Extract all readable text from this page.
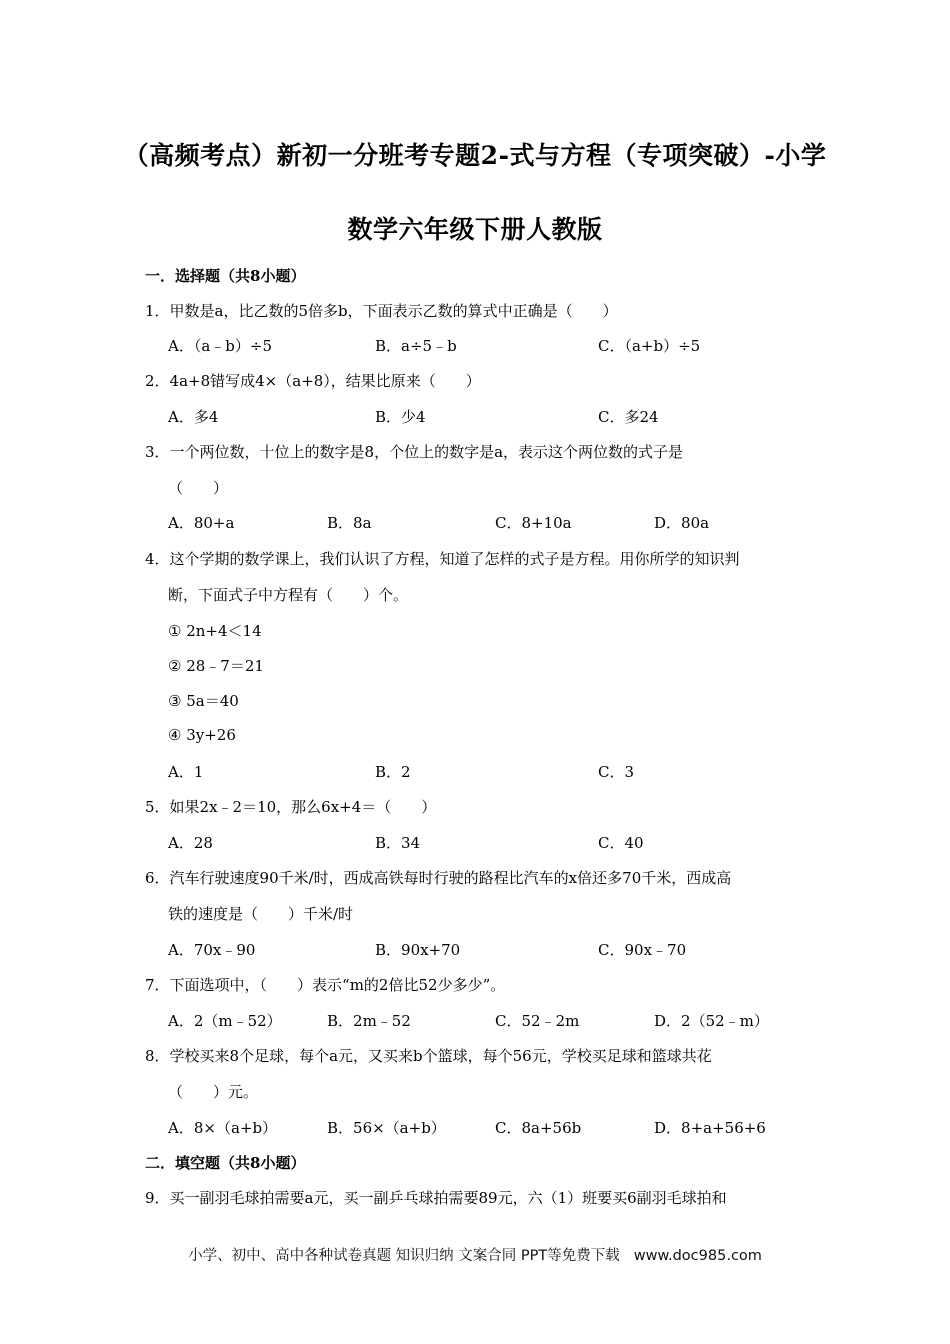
（高频考点）新初一分班考专题2-式与方程（专项突破）-小学
数学六年级下册人教版
一．选择题（共8小题）
1．甲数是a，比乙数的5倍多b，下面表示乙数的算式中正确是（　　）
A．（a﹣b）÷5	B．a÷5﹣b	C．（a+b）÷5
2．4a+8错写成4×（a+8），结果比原来（　　）
A．多4	B．少4	C．多24
3．一个两位数，十位上的数字是8，个位上的数字是a，表示这个两位数的式子是
（　　）
A．80+a	B．8a	C．8+10a	D．80a
4．这个学期的数学课上，我们认识了方程，知道了怎样的式子是方程。用你所学的知识判
断，下面式子中方程有（　　）个。
① 2n+4＜14
② 28﹣7＝21
③ 5a＝40
④ 3y+26
A．1	B．2	C．3
5．如果2x﹣2＝10，那么6x+4＝（　　）
A．28	B．34	C．40
6．汽车行驶速度90千米/时，西成高铁每时行驶的路程比汽车的x倍还多70千米，西成高
铁的速度是（　　）千米/时
A．70x﹣90	B．90x+70	C．90x﹣70
7．下面选项中，（　　）表示“m的2倍比52少多少”。
A．2（m﹣52）	B．2m﹣52	C．52﹣2m	D．2（52﹣m）
8．学校买来8个足球，每个a元，又买来b个篮球，每个56元，学校买足球和篮球共花
（　　）元。
A．8×（a+b）	B．56×（a+b）	C．8a+56b	D．8+a+56+6
二．填空题（共8小题）
9．买一副羽毛球拍需要a元，买一副乒乓球拍需要89元，六（1）班要买6副羽毛球拍和
小学、初中、高中各种试卷真题 知识归纳 文案合同 PPT等免费下载 www.doc985.com
